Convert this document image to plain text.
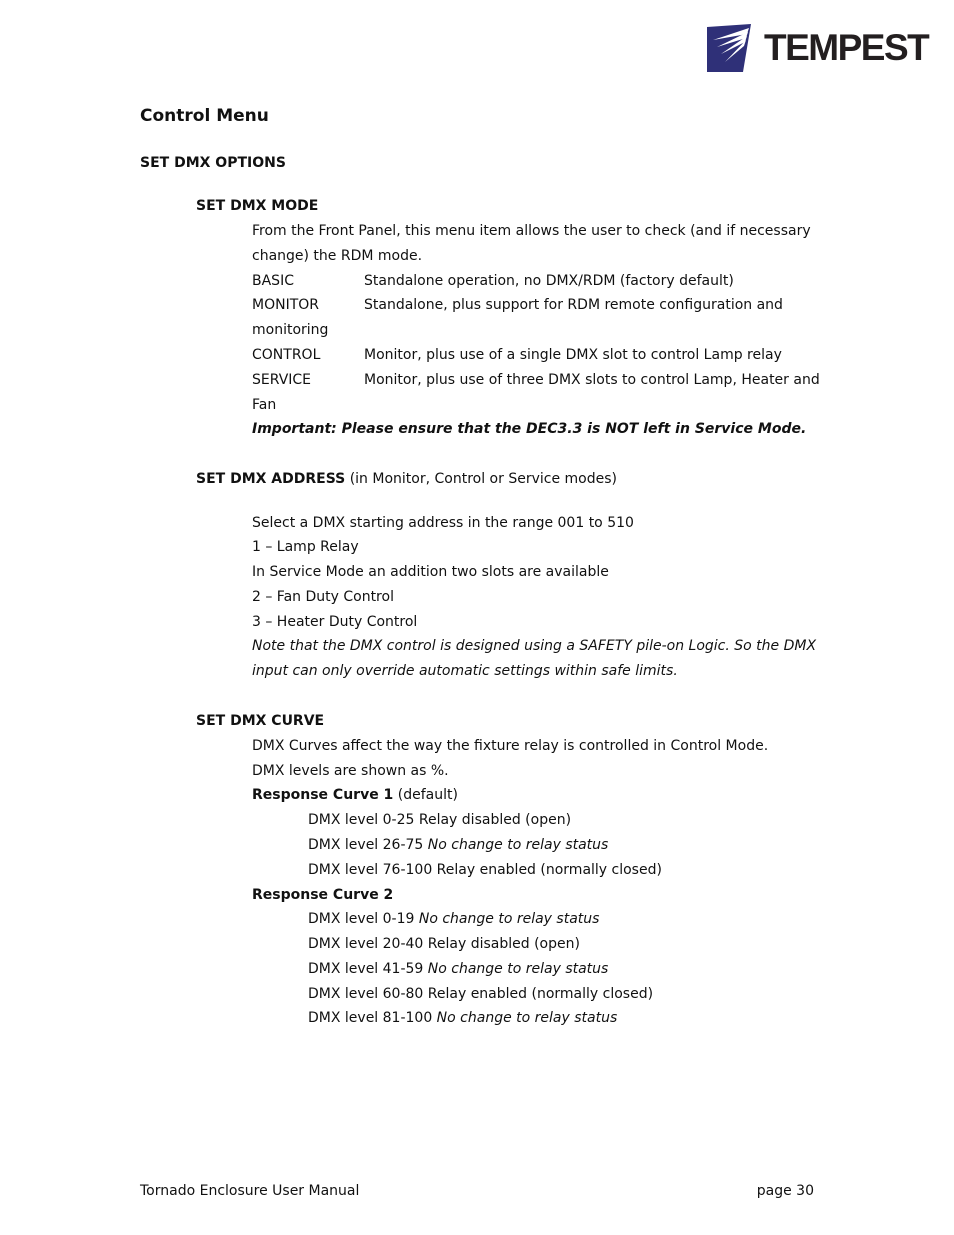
TEMPEST
Control Menu
SET DMX OPTIONS
SET DMX MODE
From the Front Panel, this menu item allows the user to check (and if necessary
change) the RDM mode.
BASIC	Standalone operation, no DMX/RDM (factory default)
MONITOR	Standalone, plus support for RDM remote configuration and
monitoring
CONTROL	Monitor, plus use of a single DMX slot to control Lamp relay
SERVICE	Monitor, plus use of three DMX slots to control Lamp, Heater and
Fan
Important: Please ensure that the DEC3.3 is NOT left in Service Mode.
SET DMX ADDRESS (in Monitor, Control or Service modes)
Select a DMX starting address in the range 001 to 510
1 – Lamp Relay
In Service Mode an addition two slots are available
2 – Fan Duty Control
3 – Heater Duty Control
Note that the DMX control is designed using a SAFETY pile-on Logic. So the DMX
input can only override automatic settings within safe limits.
SET DMX CURVE
DMX Curves affect the way the fixture relay is controlled in Control Mode.
DMX levels are shown as %.
Response Curve 1 (default)
DMX level 0-25 Relay disabled (open)
DMX level 26-75 No change to relay status
DMX level 76-100 Relay enabled (normally closed)
Response Curve 2
DMX level 0-19 No change to relay status
DMX level 20-40 Relay disabled (open)
DMX level 41-59 No change to relay status
DMX level 60-80 Relay enabled (normally closed)
DMX level 81-100 No change to relay status
Tornado Enclosure User Manual	page 30
